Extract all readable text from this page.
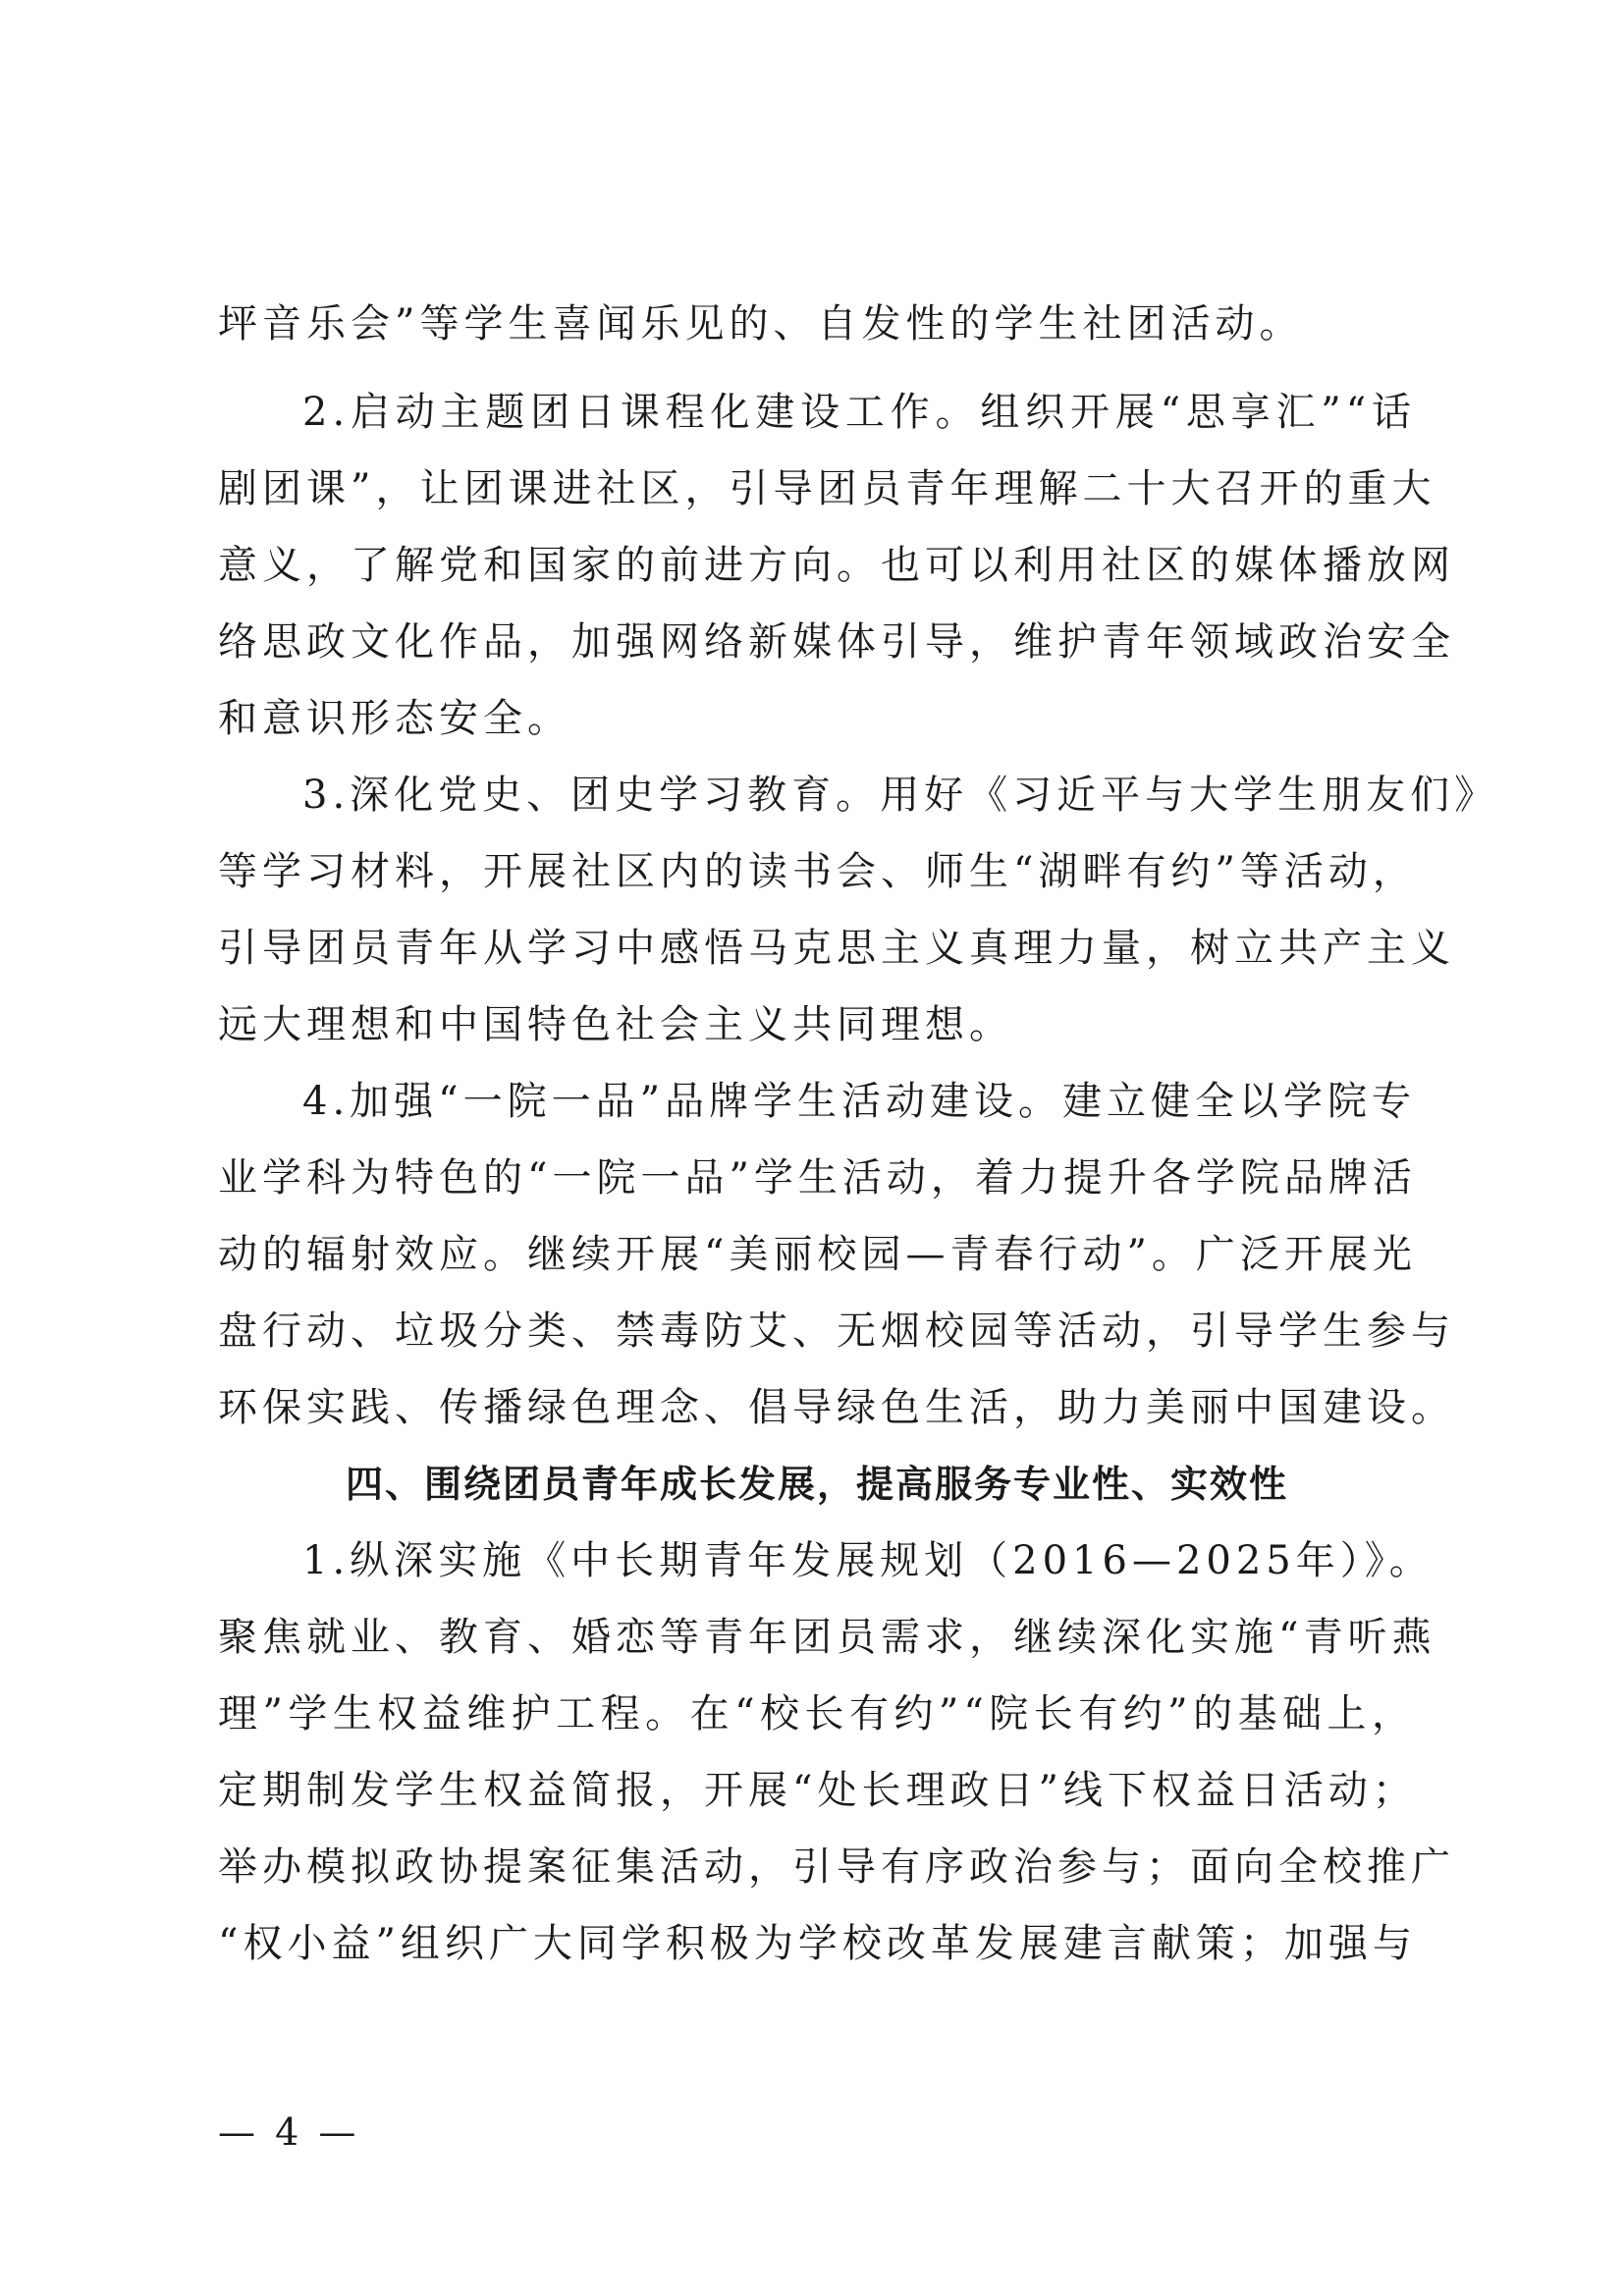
坪音乐会”等学生喜闻乐见的、自发性的学生社团活动。
2.启动主题团日课程化建设工作。组织开展“思享汇”“话
剧团课”，让团课进社区，引导团员青年理解二十大召开的重大
意义，了解党和国家的前进方向。也可以利用社区的媒体播放网
络思政文化作品，加强网络新媒体引导，维护青年领域政治安全
和意识形态安全。
3.深化党史、团史学习教育。用好《习近平与大学生朋友们》
等学习材料，开展社区内的读书会、师生“湖畔有约”等活动，
引导团员青年从学习中感悟马克思主义真理力量，树立共产主义
远大理想和中国特色社会主义共同理想。
4.加强“一院一品”品牌学生活动建设。建立健全以学院专
业学科为特色的“一院一品”学生活动，着力提升各学院品牌活
动的辐射效应。继续开展“美丽校园—青春行动”。广泛开展光
盘行动、垃圾分类、禁毒防艾、无烟校园等活动，引导学生参与
环保实践、传播绿色理念、倡导绿色生活，助力美丽中国建设。
四、围绕团员青年成长发展，提高服务专业性、实效性
1.纵深实施《中长期青年发展规划（2016—2025年）》。
聚焦就业、教育、婚恋等青年团员需求，继续深化实施“青听燕
理”学生权益维护工程。在“校长有约”“院长有约”的基础上，
定期制发学生权益简报，开展“处长理政日”线下权益日活动；
举办模拟政协提案征集活动，引导有序政治参与；面向全校推广
“权小益”组织广大同学积极为学校改革发展建言献策；加强与
— 4 —
